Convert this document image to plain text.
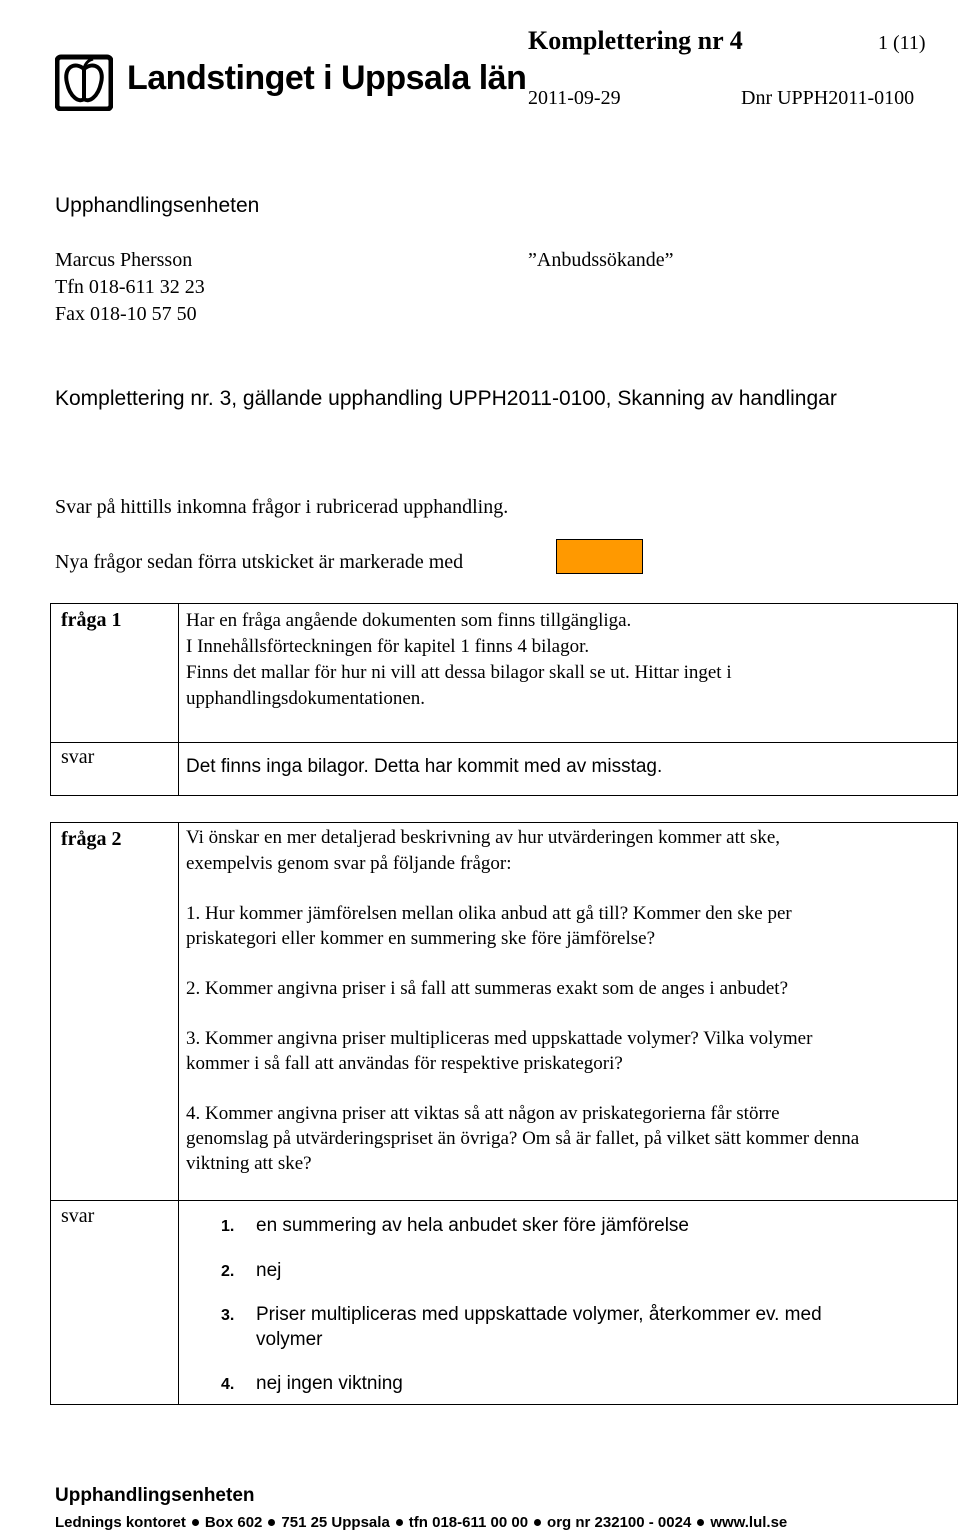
Landstinget i Uppsala län
Komplettering nr 4	1 (11)
2011-09-29	Dnr UPPH2011-0100
Upphandlingsenheten
Marcus Phersson
Tfn 018-611 32 23
Fax 018-10 57 50
”Anbudssökande”
Komplettering nr. 3, gällande upphandling UPPH2011-0100, Skanning av handlingar
Svar på hittills inkomna frågor i rubricerad upphandling.
Nya frågor sedan förra utskicket är markerade med
fråga 1	Har en fråga angående dokumenten som finns tillgängliga.
I Innehållsförteckningen för kapitel 1 finns 4 bilagor.
Finns det mallar för hur ni vill att dessa bilagor skall se ut. Hittar inget i
upphandlingsdokumentationen.
svar	Det finns inga bilagor. Detta har kommit med av misstag.
fråga 2	Vi önskar en mer detaljerad beskrivning av hur utvärderingen kommer att ske,
exempelvis genom svar på följande frågor:
1. Hur kommer jämförelsen mellan olika anbud att gå till? Kommer den ske per
priskategori eller kommer en summering ske före jämförelse?
2. Kommer angivna priser i så fall att summeras exakt som de anges i anbudet?
3. Kommer angivna priser multipliceras med uppskattade volymer? Vilka volymer
kommer i så fall att användas för respektive priskategori?
4. Kommer angivna priser att viktas så att någon av priskategorierna får större
genomslag på utvärderingspriset än övriga? Om så är fallet, på vilket sätt kommer denna
viktning att ske?
svar	1. en summering av hela anbudet sker före jämförelse
2. nej
3. Priser multipliceras med uppskattade volymer, återkommer ev. med
volymer
4. nej ingen viktning
Upphandlingsenheten
Lednings kontoret Box 602 751 25 Uppsala tfn 018-611 00 00 org nr 232100 - 0024 www.lul.se
